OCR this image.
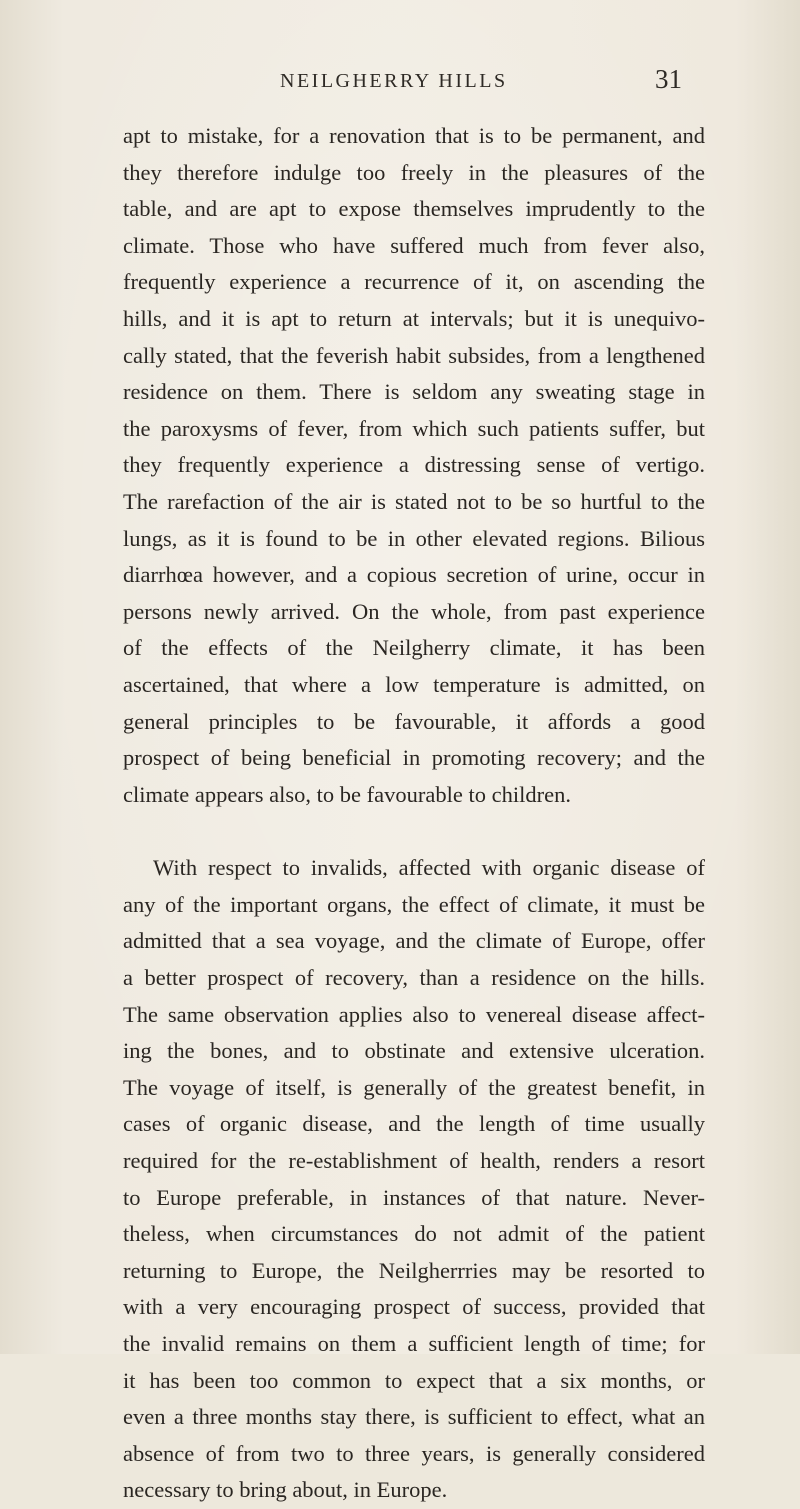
NEILGHERRY HILLS	31
apt to mistake, for a renovation that is to be permanent, and
they therefore indulge too freely in the pleasures of the
table, and are apt to expose themselves imprudently to the
climate. Those who have suffered much from fever also,
frequently experience a recurrence of it, on ascending the
hills, and it is apt to return at intervals; but it is unequivo-
cally stated, that the feverish habit subsides, from a lengthened
residence on them. There is seldom any sweating stage in
the paroxysms of fever, from which such patients suffer, but
they frequently experience a distressing sense of vertigo.
The rarefaction of the air is stated not to be so hurtful to the
lungs, as it is found to be in other elevated regions. Bilious
diarrhœa however, and a copious secretion of urine, occur in
persons newly arrived. On the whole, from past experience
of the effects of the Neilgherry climate, it has been
ascertained, that where a low temperature is admitted, on
general principles to be favourable, it affords a good
prospect of being beneficial in promoting recovery; and the
climate appears also, to be favourable to children.
With respect to invalids, affected with organic disease of
any of the important organs, the effect of climate, it must be
admitted that a sea voyage, and the climate of Europe, offer
a better prospect of recovery, than a residence on the hills.
The same observation applies also to venereal disease affect-
ing the bones, and to obstinate and extensive ulceration.
The voyage of itself, is generally of the greatest benefit, in
cases of organic disease, and the length of time usually
required for the re-establishment of health, renders a resort
to Europe preferable, in instances of that nature. Never-
theless, when circumstances do not admit of the patient
returning to Europe, the Neilgherrries may be resorted to
with a very encouraging prospect of success, provided that
the invalid remains on them a sufficient length of time; for
it has been too common to expect that a six months, or
even a three months stay there, is sufficient to effect, what an
absence of from two to three years, is generally considered
necessary to bring about, in Europe.
